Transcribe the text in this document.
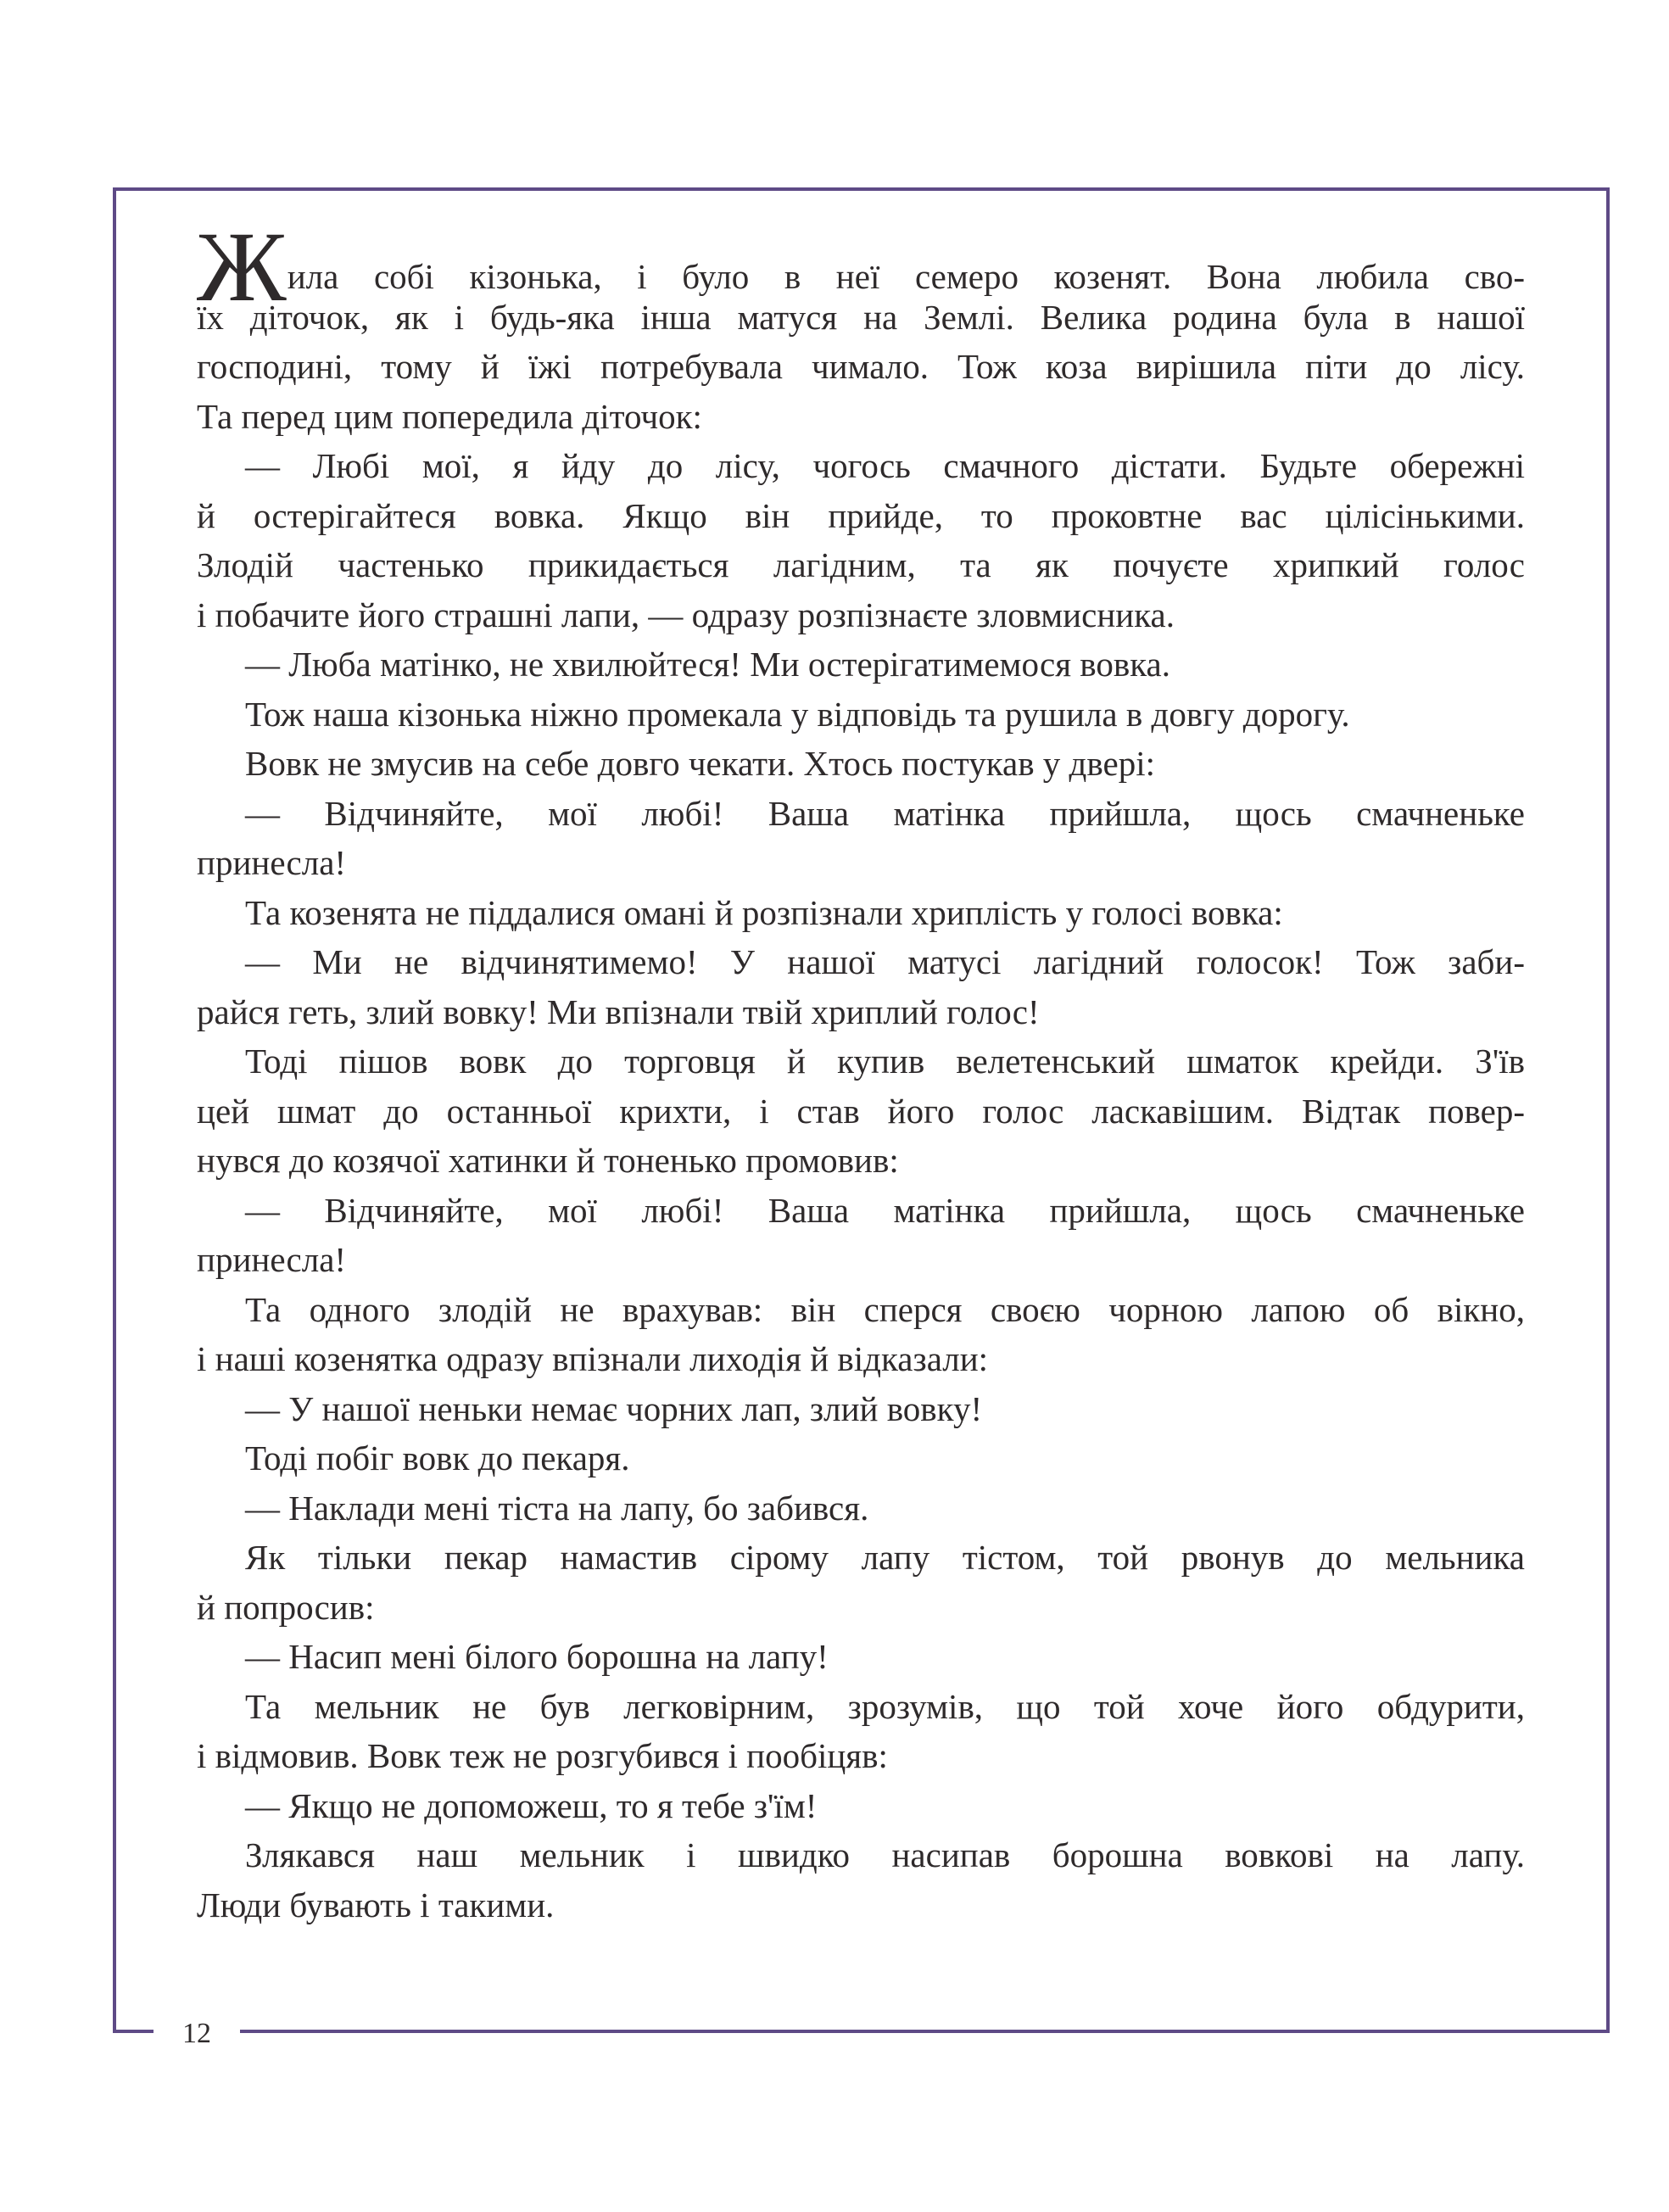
12
Жила собі кізонька, і було в неї семеро козенят. Вона любила сво-
їх діточок, як і будь-яка інша матуся на Землі. Велика родина була в нашої
господині, тому й їжі потребувала чимало. Тож коза вирішила піти до лісу.
Та перед цим попередила діточок:
— Любі мої, я йду до лісу, чогось смачного дістати. Будьте обережні
й остерігайтеся вовка. Якщо він прийде, то проковтне вас цілісінькими.
Злодій частенько прикидається лагідним, та як почуєте хрипкий голос
і побачите його страшні лапи, — одразу розпізнаєте зловмисника.
— Люба матінко, не хвилюйтеся! Ми остерігатимемося вовка.
Тож наша кізонька ніжно промекала у відповідь та рушила в довгу дорогу.
Вовк не змусив на себе довго чекати. Хтось постукав у двері:
— Відчиняйте, мої любі! Ваша матінка прийшла, щось смачненьке
принесла!
Та козенята не піддалися омані й розпізнали хриплість у голосі вовка:
— Ми не відчинятимемо! У нашої матусі лагідний голосок! Тож заби-
райся геть, злий вовку! Ми впізнали твій хриплий голос!
Тоді пішов вовк до торговця й купив велетенський шматок крейди. З'їв
цей шмат до останньої крихти, і став його голос ласкавішим. Відтак повер-
нувся до козячої хатинки й тоненько промовив:
— Відчиняйте, мої любі! Ваша матінка прийшла, щось смачненьке
принесла!
Та одного злодій не врахував: він сперся своєю чорною лапою об вікно,
і наші козенятка одразу впізнали лиходія й відказали:
— У нашої неньки немає чорних лап, злий вовку!
Тоді побіг вовк до пекаря.
— Наклади мені тіста на лапу, бо забився.
Як тільки пекар намастив сірому лапу тістом, той рвонув до мельника
й попросив:
— Насип мені білого борошна на лапу!
Та мельник не був легковірним, зрозумів, що той хоче його обдурити,
і відмовив. Вовк теж не розгубився і пообіцяв:
— Якщо не допоможеш, то я тебе з'їм!
Злякався наш мельник і швидко насипав борошна вовкові на лапу.
Люди бувають і такими.
